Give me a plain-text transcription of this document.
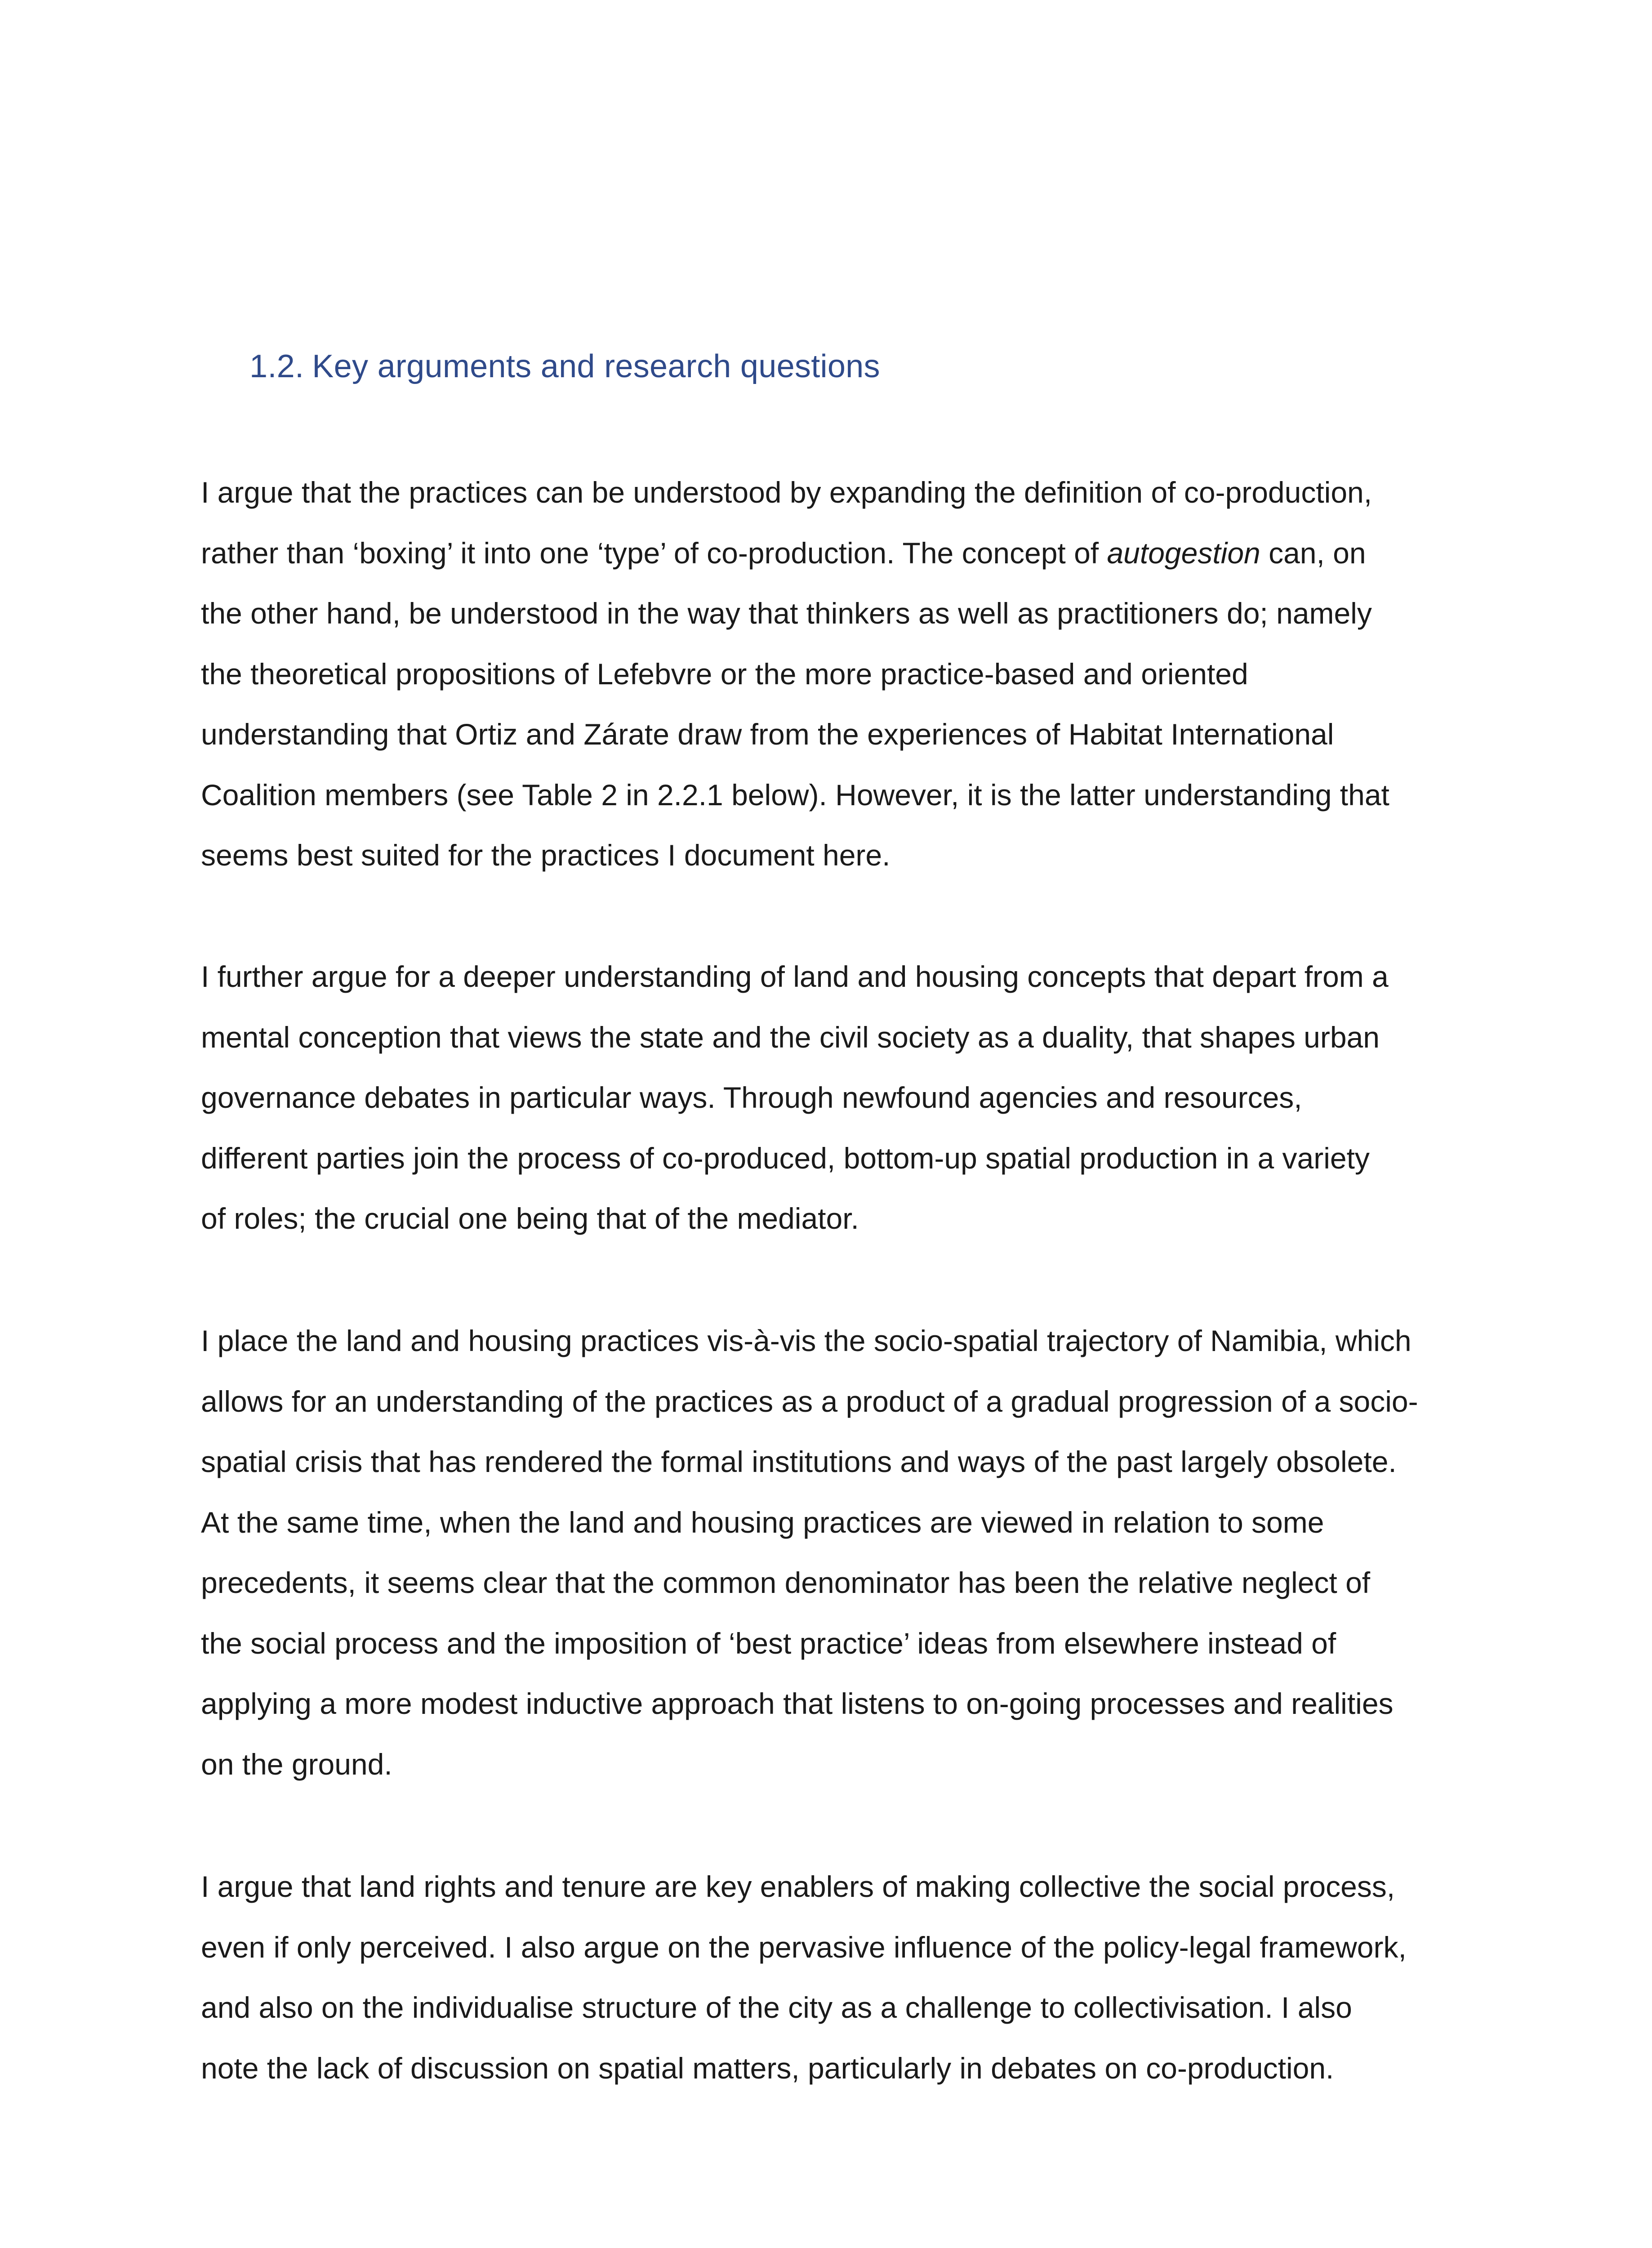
1.2. Key arguments and research questions
I argue that the practices can be understood by expanding the definition of co-production,
rather than ‘boxing’ it into one ‘type’ of co-production. The concept of autogestion can, on
the other hand, be understood in the way that thinkers as well as practitioners do; namely
the theoretical propositions of Lefebvre or the more practice-based and oriented
understanding that Ortiz and Zárate draw from the experiences of Habitat International
Coalition members (see Table 2 in 2.2.1 below). However, it is the latter understanding that
seems best suited for the practices I document here.
I further argue for a deeper understanding of land and housing concepts that depart from a
mental conception that views the state and the civil society as a duality, that shapes urban
governance debates in particular ways. Through newfound agencies and resources,
different parties join the process of co-produced, bottom-up spatial production in a variety
of roles; the crucial one being that of the mediator.
I place the land and housing practices vis-à-vis the socio-spatial trajectory of Namibia, which
allows for an understanding of the practices as a product of a gradual progression of a socio-
spatial crisis that has rendered the formal institutions and ways of the past largely obsolete.
At the same time, when the land and housing practices are viewed in relation to some
precedents, it seems clear that the common denominator has been the relative neglect of
the social process and the imposition of ‘best practice’ ideas from elsewhere instead of
applying a more modest inductive approach that listens to on-going processes and realities
on the ground.
I argue that land rights and tenure are key enablers of making collective the social process,
even if only perceived. I also argue on the pervasive influence of the policy-legal framework,
and also on the individualise structure of the city as a challenge to collectivisation. I also
note the lack of discussion on spatial matters, particularly in debates on co-production.
